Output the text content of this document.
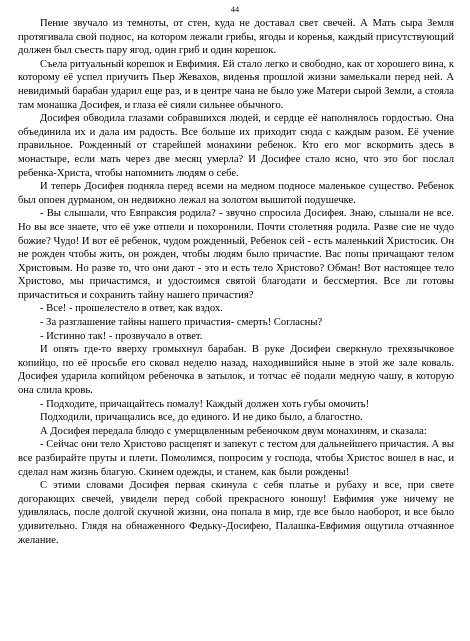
44

Пение звучало из темноты, от стен, куда не доставал свет свечей. А Мать сыра Земля протягивала свой поднос, на котором лежали грибы, ягоды и коренья, каждый присутствующий должен был съесть пару ягод, один гриб и один корешок.

Съела ритуальный корешок и Евфимия. Ей стало легко и свободно, как от хорошего вина, к которому её успел приучить Пьер Жевахов, виденья прошлой жизни замелькали перед ней. А невидимый барабан ударил еще раз, и в центре чана не было уже Матери сырой Земли, а стояла там монашка Досифея, и глаза её сияли сильнее обычного.

Досифея обводила глазами собравшихся людей, и сердце её наполнялось гордостью. Она объединила их и дала им радость. Все больше их приходит сюда с каждым разом. Её учение правильное. Рожденный от старейшей монахини ребенок. Кто его мог вскормить здесь в монастыре, если мать через две месяц умерла? И Досифее стало ясно, что это бог послал ребенка-Христа, чтобы напомнить людям о себе.

И теперь Досифея подняла перед всеми на медном подносе маленькое существо. Ребенок был опоен дурманом, он недвижно лежал на золотом вышитой подушечке.

- Вы слышали, что Евпраксия родила? - звучно спросила Досифея. Знаю, слышали не все. Но вы все знаете, что её уже отпели и похоронили. Почти столетняя родила. Разве сие не чудо божие? Чудо! И вот её ребенок, чудом рожденный, Ребенок сей - есть маленький Христосик. Он не рожден чтобы жить, он рожден, чтобы людям было причастие. Вас попы причащают телом Христовым. Но разве то, что они дают - это и есть тело Христово? Обман! Вот настоящее тело Христово, мы причастимся, и удостоимся святой благодати и бессмертия. Все ли готовы причаститься и сохранить тайну нашего причастия?

- Все! - прошелестело в ответ, как вздох.

- За разглашение тайны нашего причастия- смерть! Согласны?

- Истинно так! - прозвучало в ответ.

И опять где-то вверху громыхнул барабан. В руке Досифеи сверкнуло трехязычковое копийцо, по её просьбе его сковал неделю назад, находившийся ныне в этой же зале коваль. Досифея ударила копийцом ребеночка в затылок, и тотчас её подали медную чашу, в которую она слила кровь.

- Подходите, причащайтесь помалу! Каждый должен хоть губы омочить!

Подходили, причащались все, до единого. И не дико было, а благостно.

А Досифея передала блюдо с умерщвленным ребеночком двум монахиням, и сказала:

- Сейчас они тело Христово расщепят и запекут с тестом для дальнейшего причастия. А вы все разбирайте пруты и плети. Помолимся, попросим у господа, чтобы Христос вошел в нас, и сделал нам жизнь благую. Скинем одежды, и станем, как были рождены!

С этими словами Досифея первая скинула с себя платье и рубаху и все, при свете догорающих свечей, увидели перед собой прекрасного юношу! Евфимия уже ничему не удивлялась, после долгой скучной жизни, она попала в мир, где все было наоборот, и все было удивительно. Глядя на обнаженного Федьку-Досифею, Палашка-Евфимия ощутила отчаянное желание.
